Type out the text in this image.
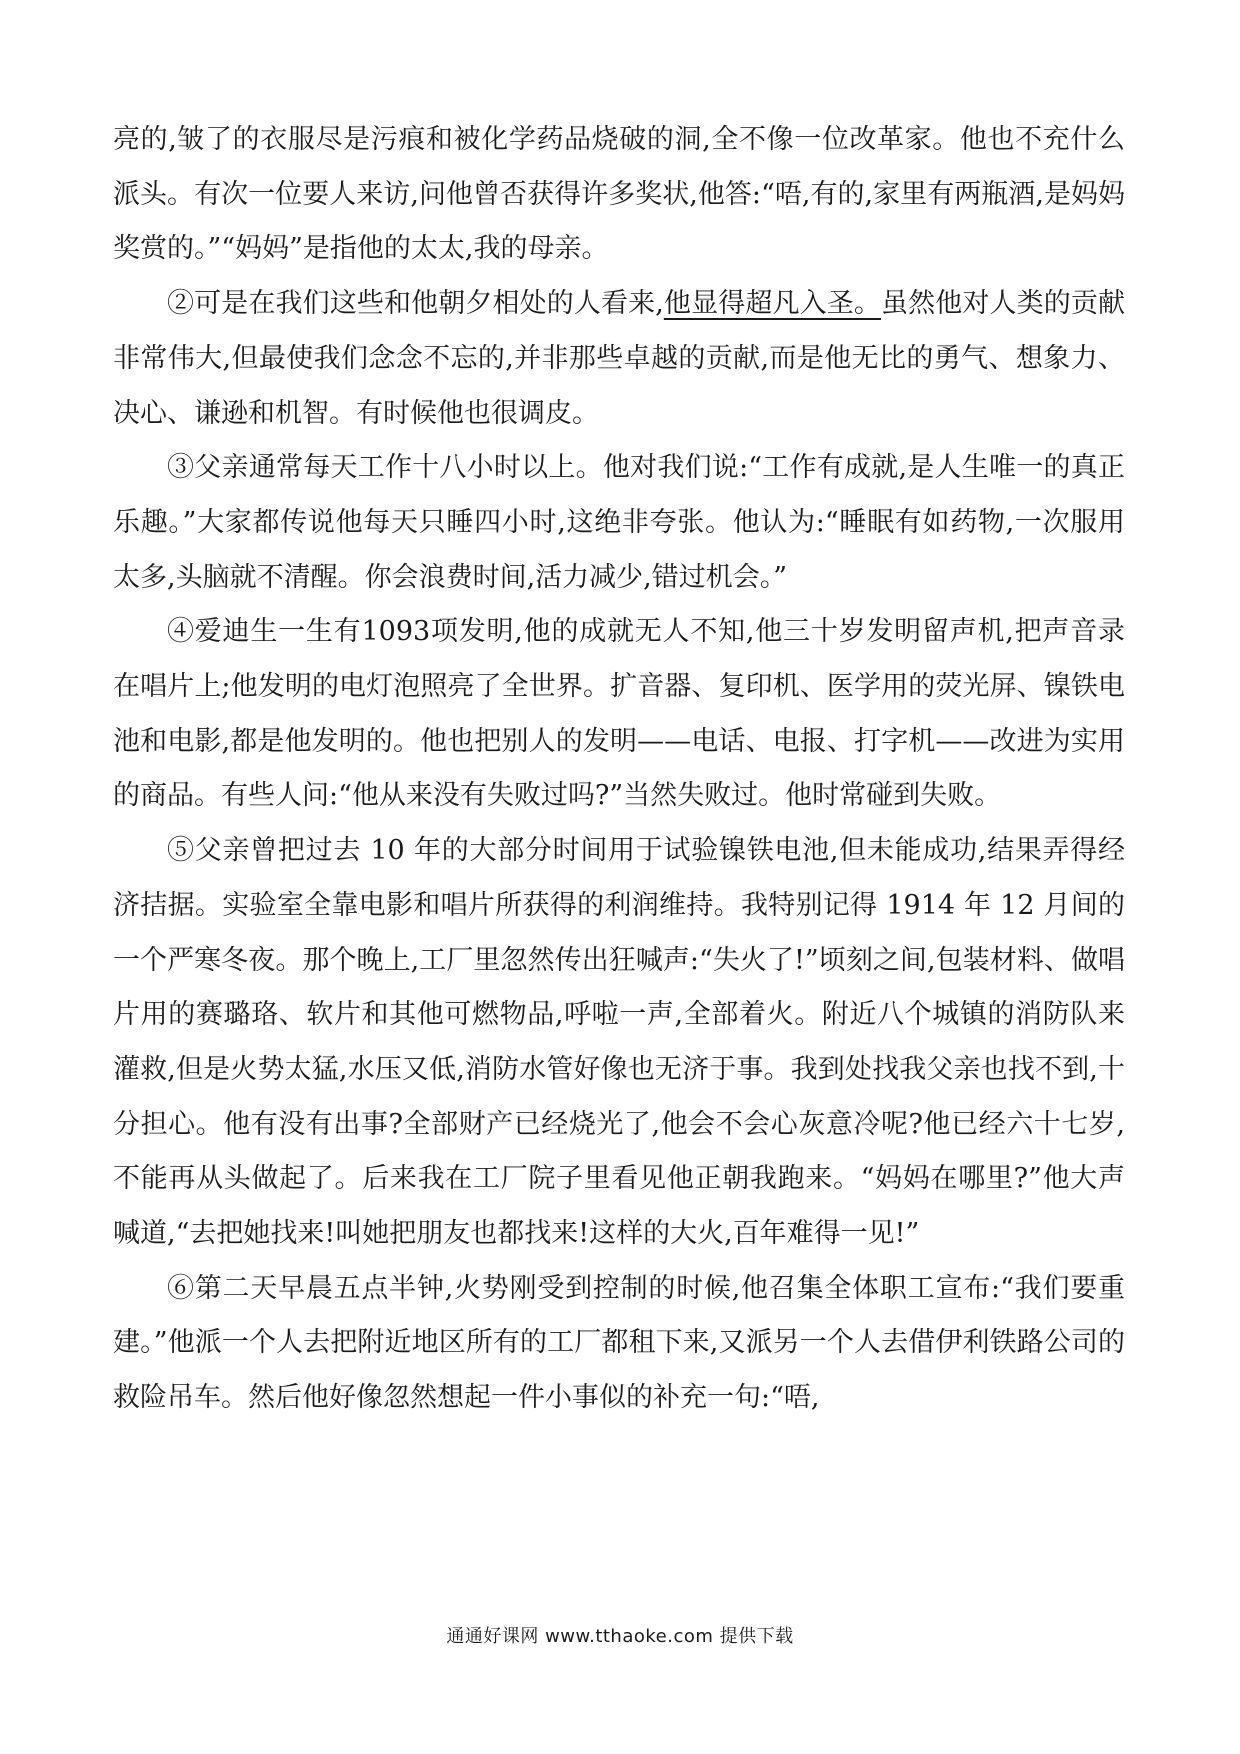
亮的,皱了的衣服尽是污痕和被化学药品烧破的洞,全不像一位改革家。他也不充什么派头。有次一位要人来访,问他曾否获得许多奖状,他答:“唔,有的,家里有两瓶酒,是妈妈奖赏的。”“妈妈”是指他的太太,我的母亲。

②可是在我们这些和他朝夕相处的人看来,他显得超凡入圣。虽然他对人类的贡献非常伟大,但最使我们念念不忘的,并非那些卓越的贡献,而是他无比的勇气、想象力、决心、谦逊和机智。有时候他也很调皮。

③父亲通常每天工作十八小时以上。他对我们说:“工作有成就,是人生唯一的真正乐趣。”大家都传说他每天只睡四小时,这绝非夸张。他认为:“睡眠有如药物,一次服用太多,头脑就不清醒。你会浪费时间,活力减少,错过机会。”

④爱迪生一生有1093项发明,他的成就无人不知,他三十岁发明留声机,把声音录在唱片上;他发明的电灯泡照亮了全世界。扩音器、复印机、医学用的荧光屏、镍铁电池和电影,都是他发明的。他也把别人的发明——电话、电报、打字机——改进为实用的商品。有些人问:“他从来没有失败过吗?”当然失败过。他时常碰到失败。

⑤父亲曾把过去 10 年的大部分时间用于试验镍铁电池,但未能成功,结果弄得经济拮据。实验室全靠电影和唱片所获得的利润维持。我特别记得 1914 年 12 月间的一个严寒冬夜。那个晚上,工厂里忽然传出狂喊声:“失火了!”顷刻之间,包装材料、做唱片用的赛璐珞、软片和其他可燃物品,呼啦一声,全部着火。附近八个城镇的消防队来灌救,但是火势太猛,水压又低,消防水管好像也无济于事。我到处找我父亲也找不到,十分担心。他有没有出事?全部财产已经烧光了,他会不会心灰意冷呢?他已经六十七岁,不能再从头做起了。后来我在工厂院子里看见他正朝我跑来。“妈妈在哪里?”他大声喊道,“去把她找来!叫她把朋友也都找来!这样的大火,百年难得一见!”

⑥第二天早晨五点半钟,火势刚受到控制的时候,他召集全体职工宣布:“我们要重建。”他派一个人去把附近地区所有的工厂都租下来,又派另一个人去借伊利铁路公司的救险吊车。然后他好像忽然想起一件小事似的补充一句:“唔,

通通好课网 www.tthaoke.com 提供下载
